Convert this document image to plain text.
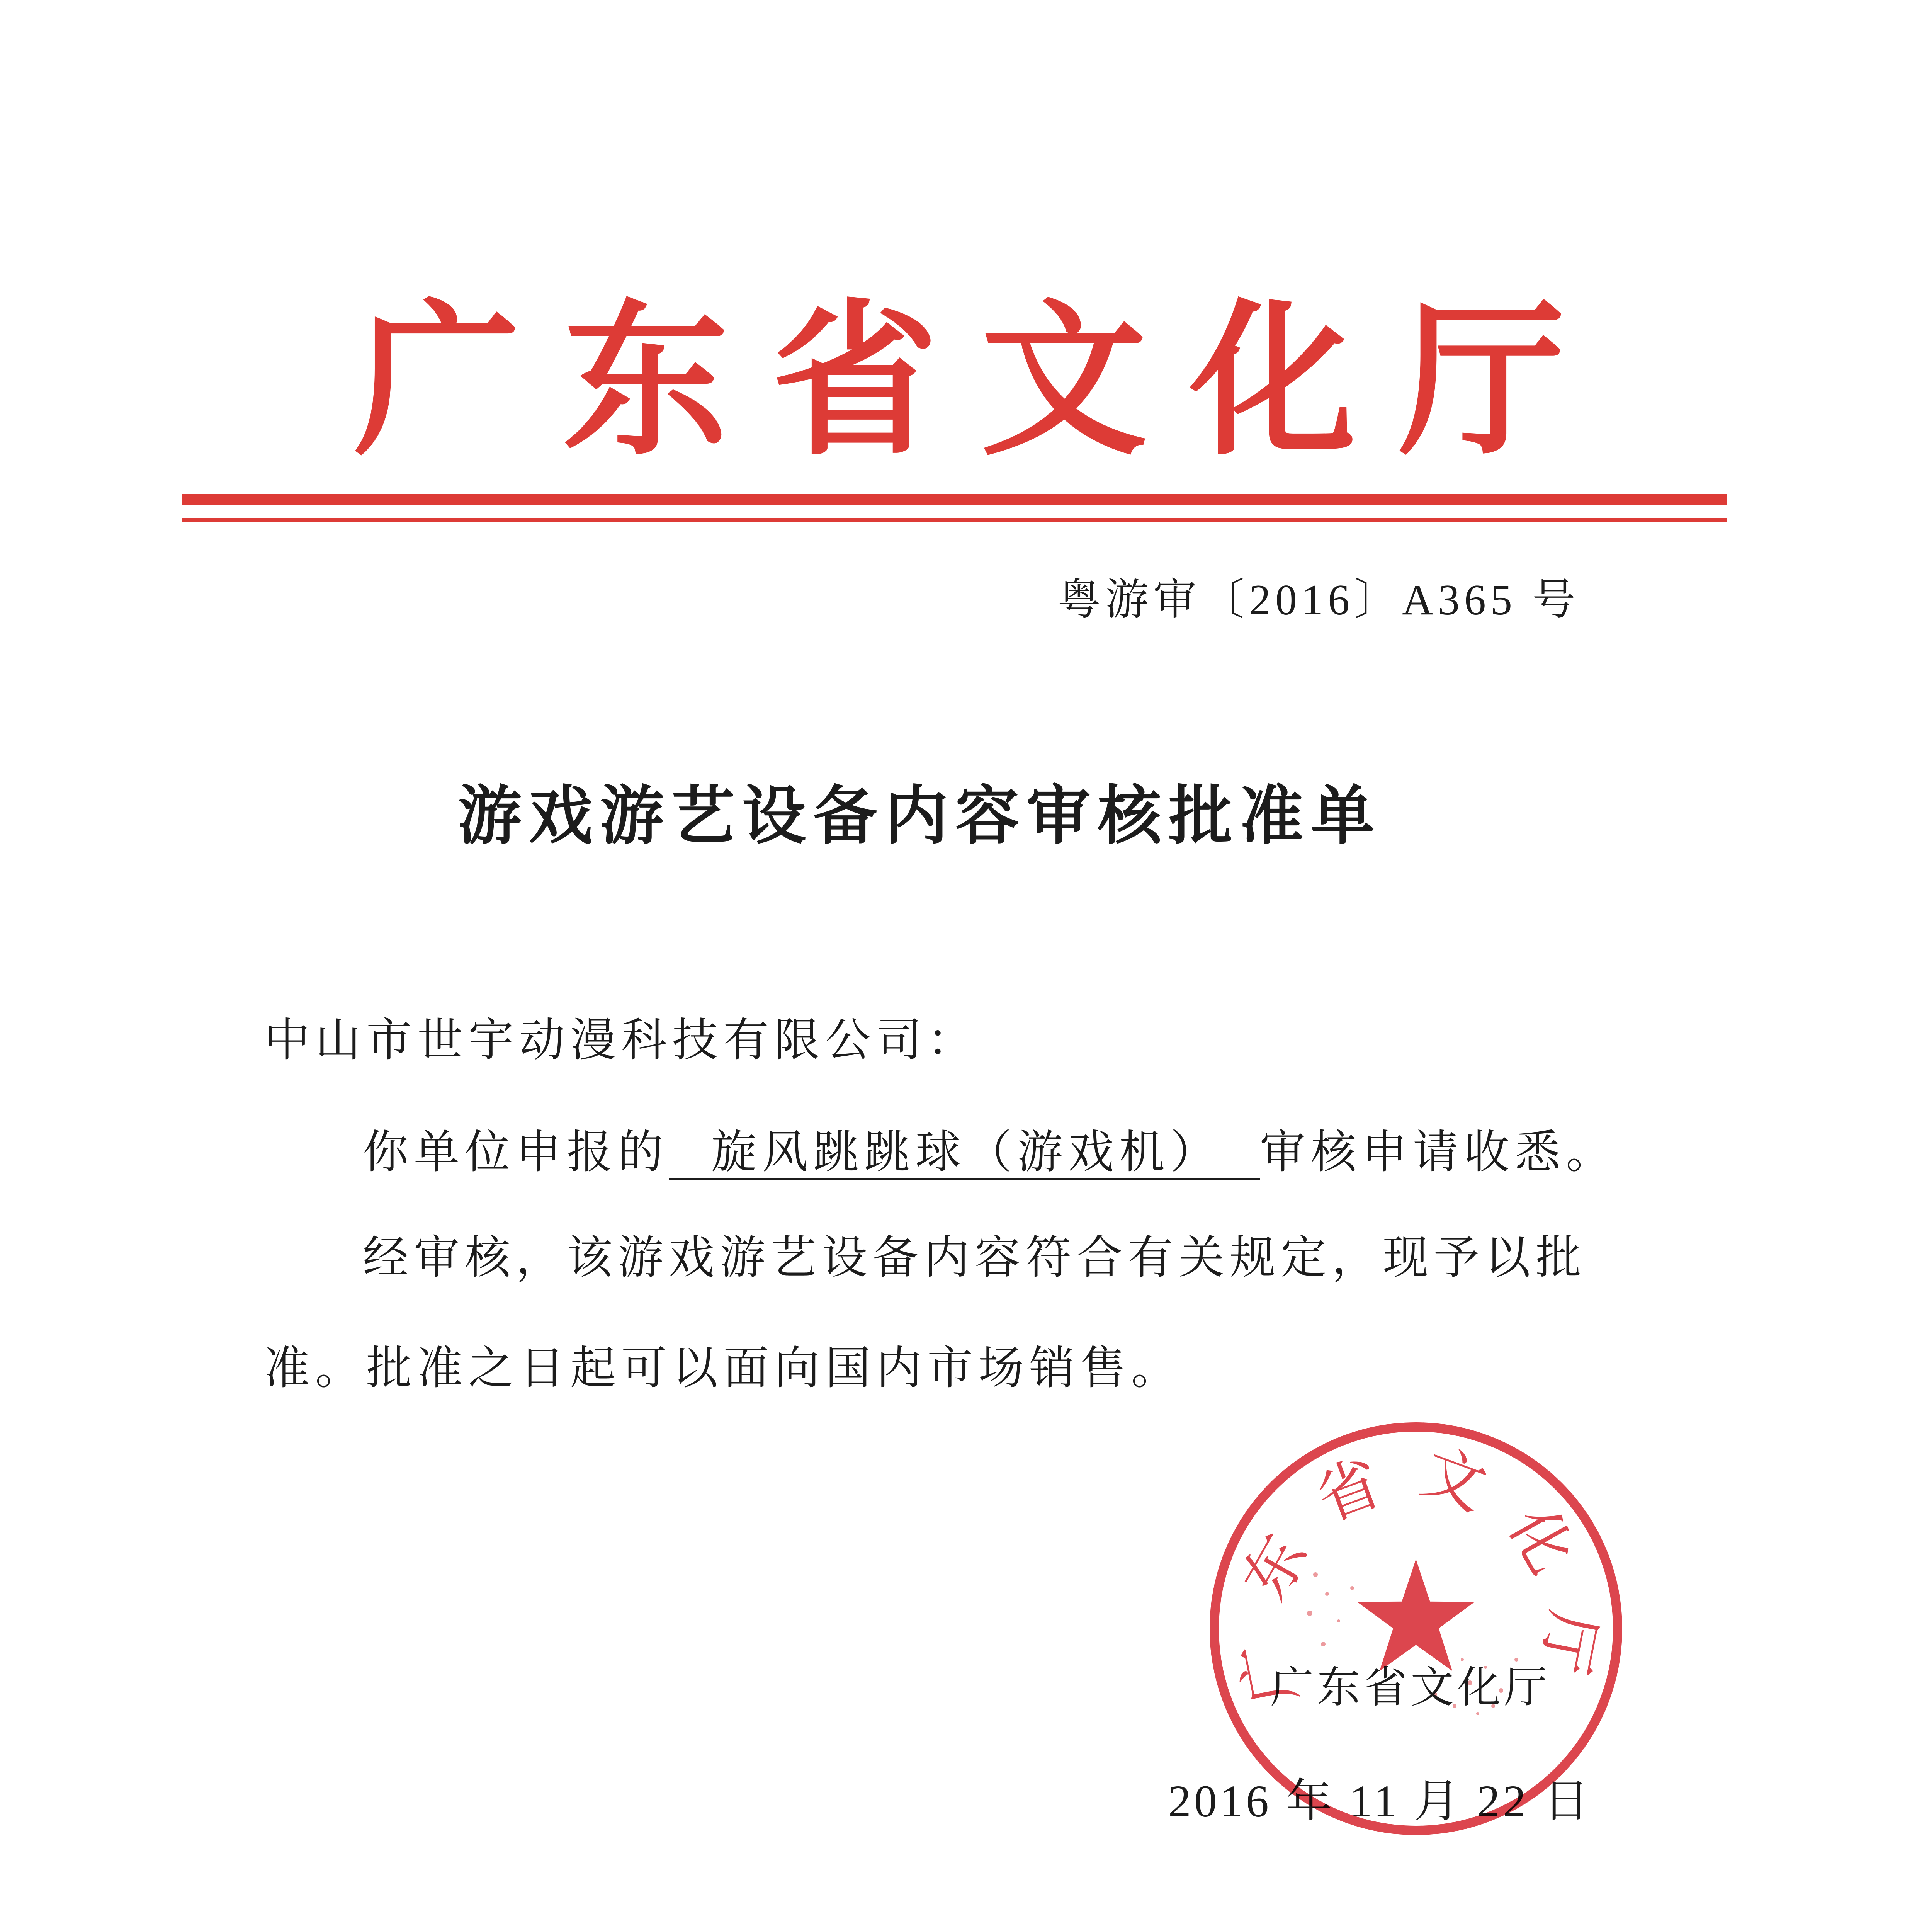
广东省文化厅
粤游审〔2016〕A365 号
游戏游艺设备内容审核批准单
中山市世宇动漫科技有限公司：
你单位申报的 旋风跳跳球（游戏机） 审核申请收悉。
经审核，该游戏游艺设备内容符合有关规定，现予以批
准。批准之日起可以面向国内市场销售。
广东省文化厅
2016 年 11 月 22 日
广东省文化厅
